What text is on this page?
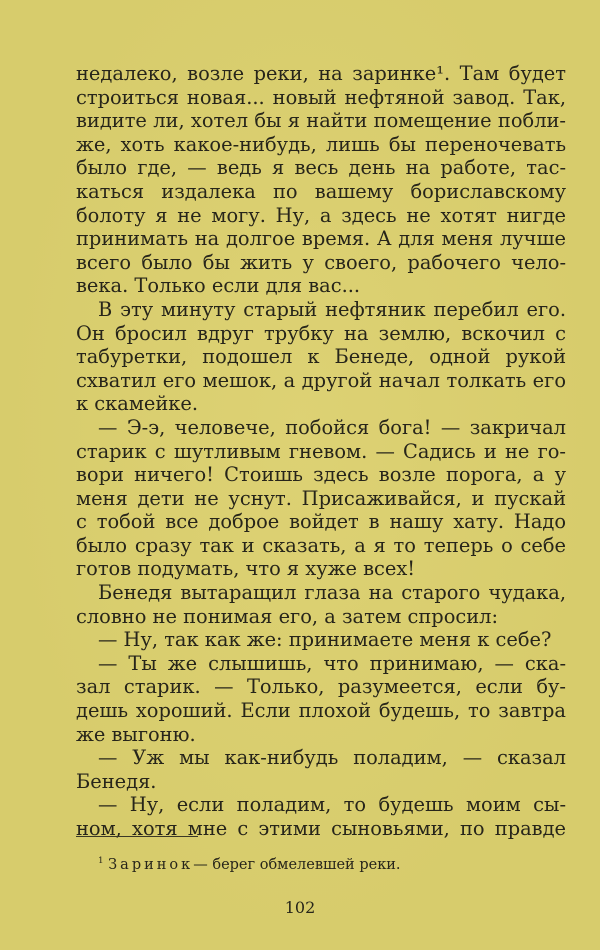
недалеко, возле реки, на заринке¹. Там будет
строиться новая... новый нефтяной завод. Так,
видите ли, хотел бы я найти помещение побли-
же, хоть какое-нибудь, лишь бы переночевать
было где, — ведь я весь день на работе, тас-
каться издалека по вашему бориславскому
болоту я не могу. Ну, а здесь не хотят нигде
принимать на долгое время. А для меня лучше
всего было бы жить у своего, рабочего чело-
века. Только если для вас...
В эту минуту старый нефтяник перебил его.
Он бросил вдруг трубку на землю, вскочил с
табуретки, подошел к Бенеде, одной рукой
схватил его мешок, а другой начал толкать его
к скамейке.
— Э-э, человече, побойся бога! — закричал
старик с шутливым гневом. — Садись и не го-
вори ничего! Стоишь здесь возле порога, а у
меня дети не уснут. Присаживайся, и пускай
с тобой все доброе войдет в нашу хату. Надо
было сразу так и сказать, а я то теперь о себе
готов подумать, что я хуже всех!
Бенедя вытаращил глаза на старого чудака,
словно не понимая его, а затем спросил:
— Ну, так как же: принимаете меня к себе?
— Ты же слышишь, что принимаю, — ска-
зал старик. — Только, разумеется, если бу-
дешь хороший. Если плохой будешь, то завтра
же выгоню.
— Уж мы как-нибудь поладим, — сказал
Бенедя.
— Ну, если поладим, то будешь моим сы-
ном, хотя мне с этими сыновьями, по правде
$^1$ Заринок— берег обмелевшей реки.
102
